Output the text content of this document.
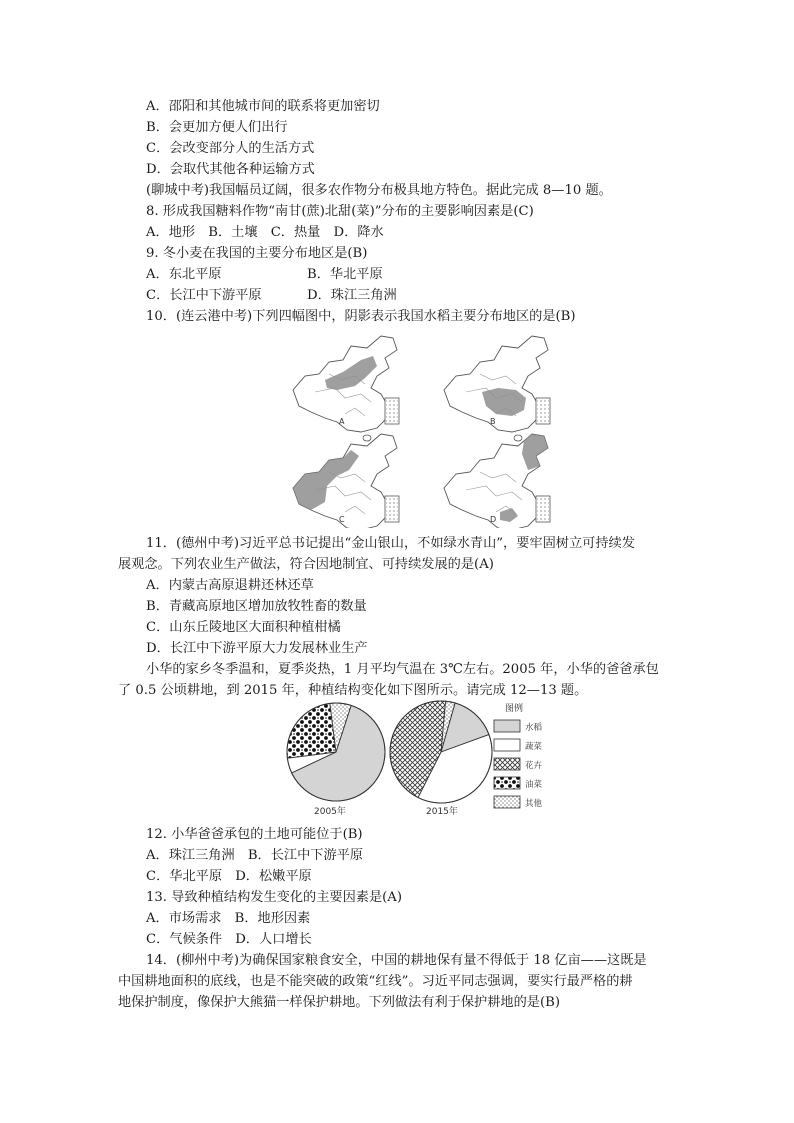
A．邵阳和其他城市间的联系将更加密切
B．会更加方便人们出行
C．会改变部分人的生活方式
D．会取代其他各种运输方式
(聊城中考)我国幅员辽阔，很多农作物分布极具地方特色。据此完成 8—10 题。
8. 形成我国糖料作物“南甘(蔗)北甜(菜)”分布的主要影响因素是(C)
A．地形　B．土壤　C．热量　D．降水
9. 冬小麦在我国的主要分布地区是(B)
A．东北平原	B．华北平原
C．长江中下游平原	D．珠江三角洲
10．(连云港中考)下列四幅图中，阴影表示我国水稻主要分布地区的是(B)
A	B
C	D
11．(德州中考)习近平总书记提出“金山银山，不如绿水青山”，要牢固树立可持续发
展观念。下列农业生产做法，符合因地制宜、可持续发展的是(A)
A．内蒙古高原退耕还林还草
B．青藏高原地区增加放牧牲畜的数量
C．山东丘陵地区大面积种植柑橘
D．长江中下游平原大力发展林业生产
小华的家乡冬季温和，夏季炎热，1 月平均气温在 3℃左右。2005 年，小华的爸爸承包
了 0.5 公顷耕地，到 2015 年，种植结构变化如下图所示。请完成 12—13 题。
2005年	2015年
图例
水稻
蔬菜
花卉
油菜
其他
12. 小华爸爸承包的土地可能位于(B)
A．珠江三角洲　B．长江中下游平原
C．华北平原　D．松嫩平原
13. 导致种植结构发生变化的主要因素是(A)
A．市场需求　B．地形因素
C．气候条件　D．人口增长
14．(柳州中考)为确保国家粮食安全，中国的耕地保有量不得低于 18 亿亩——这既是
中国耕地面积的底线，也是不能突破的政策“红线”。习近平同志强调，要实行最严格的耕
地保护制度，像保护大熊猫一样保护耕地。下列做法有利于保护耕地的是(B)
